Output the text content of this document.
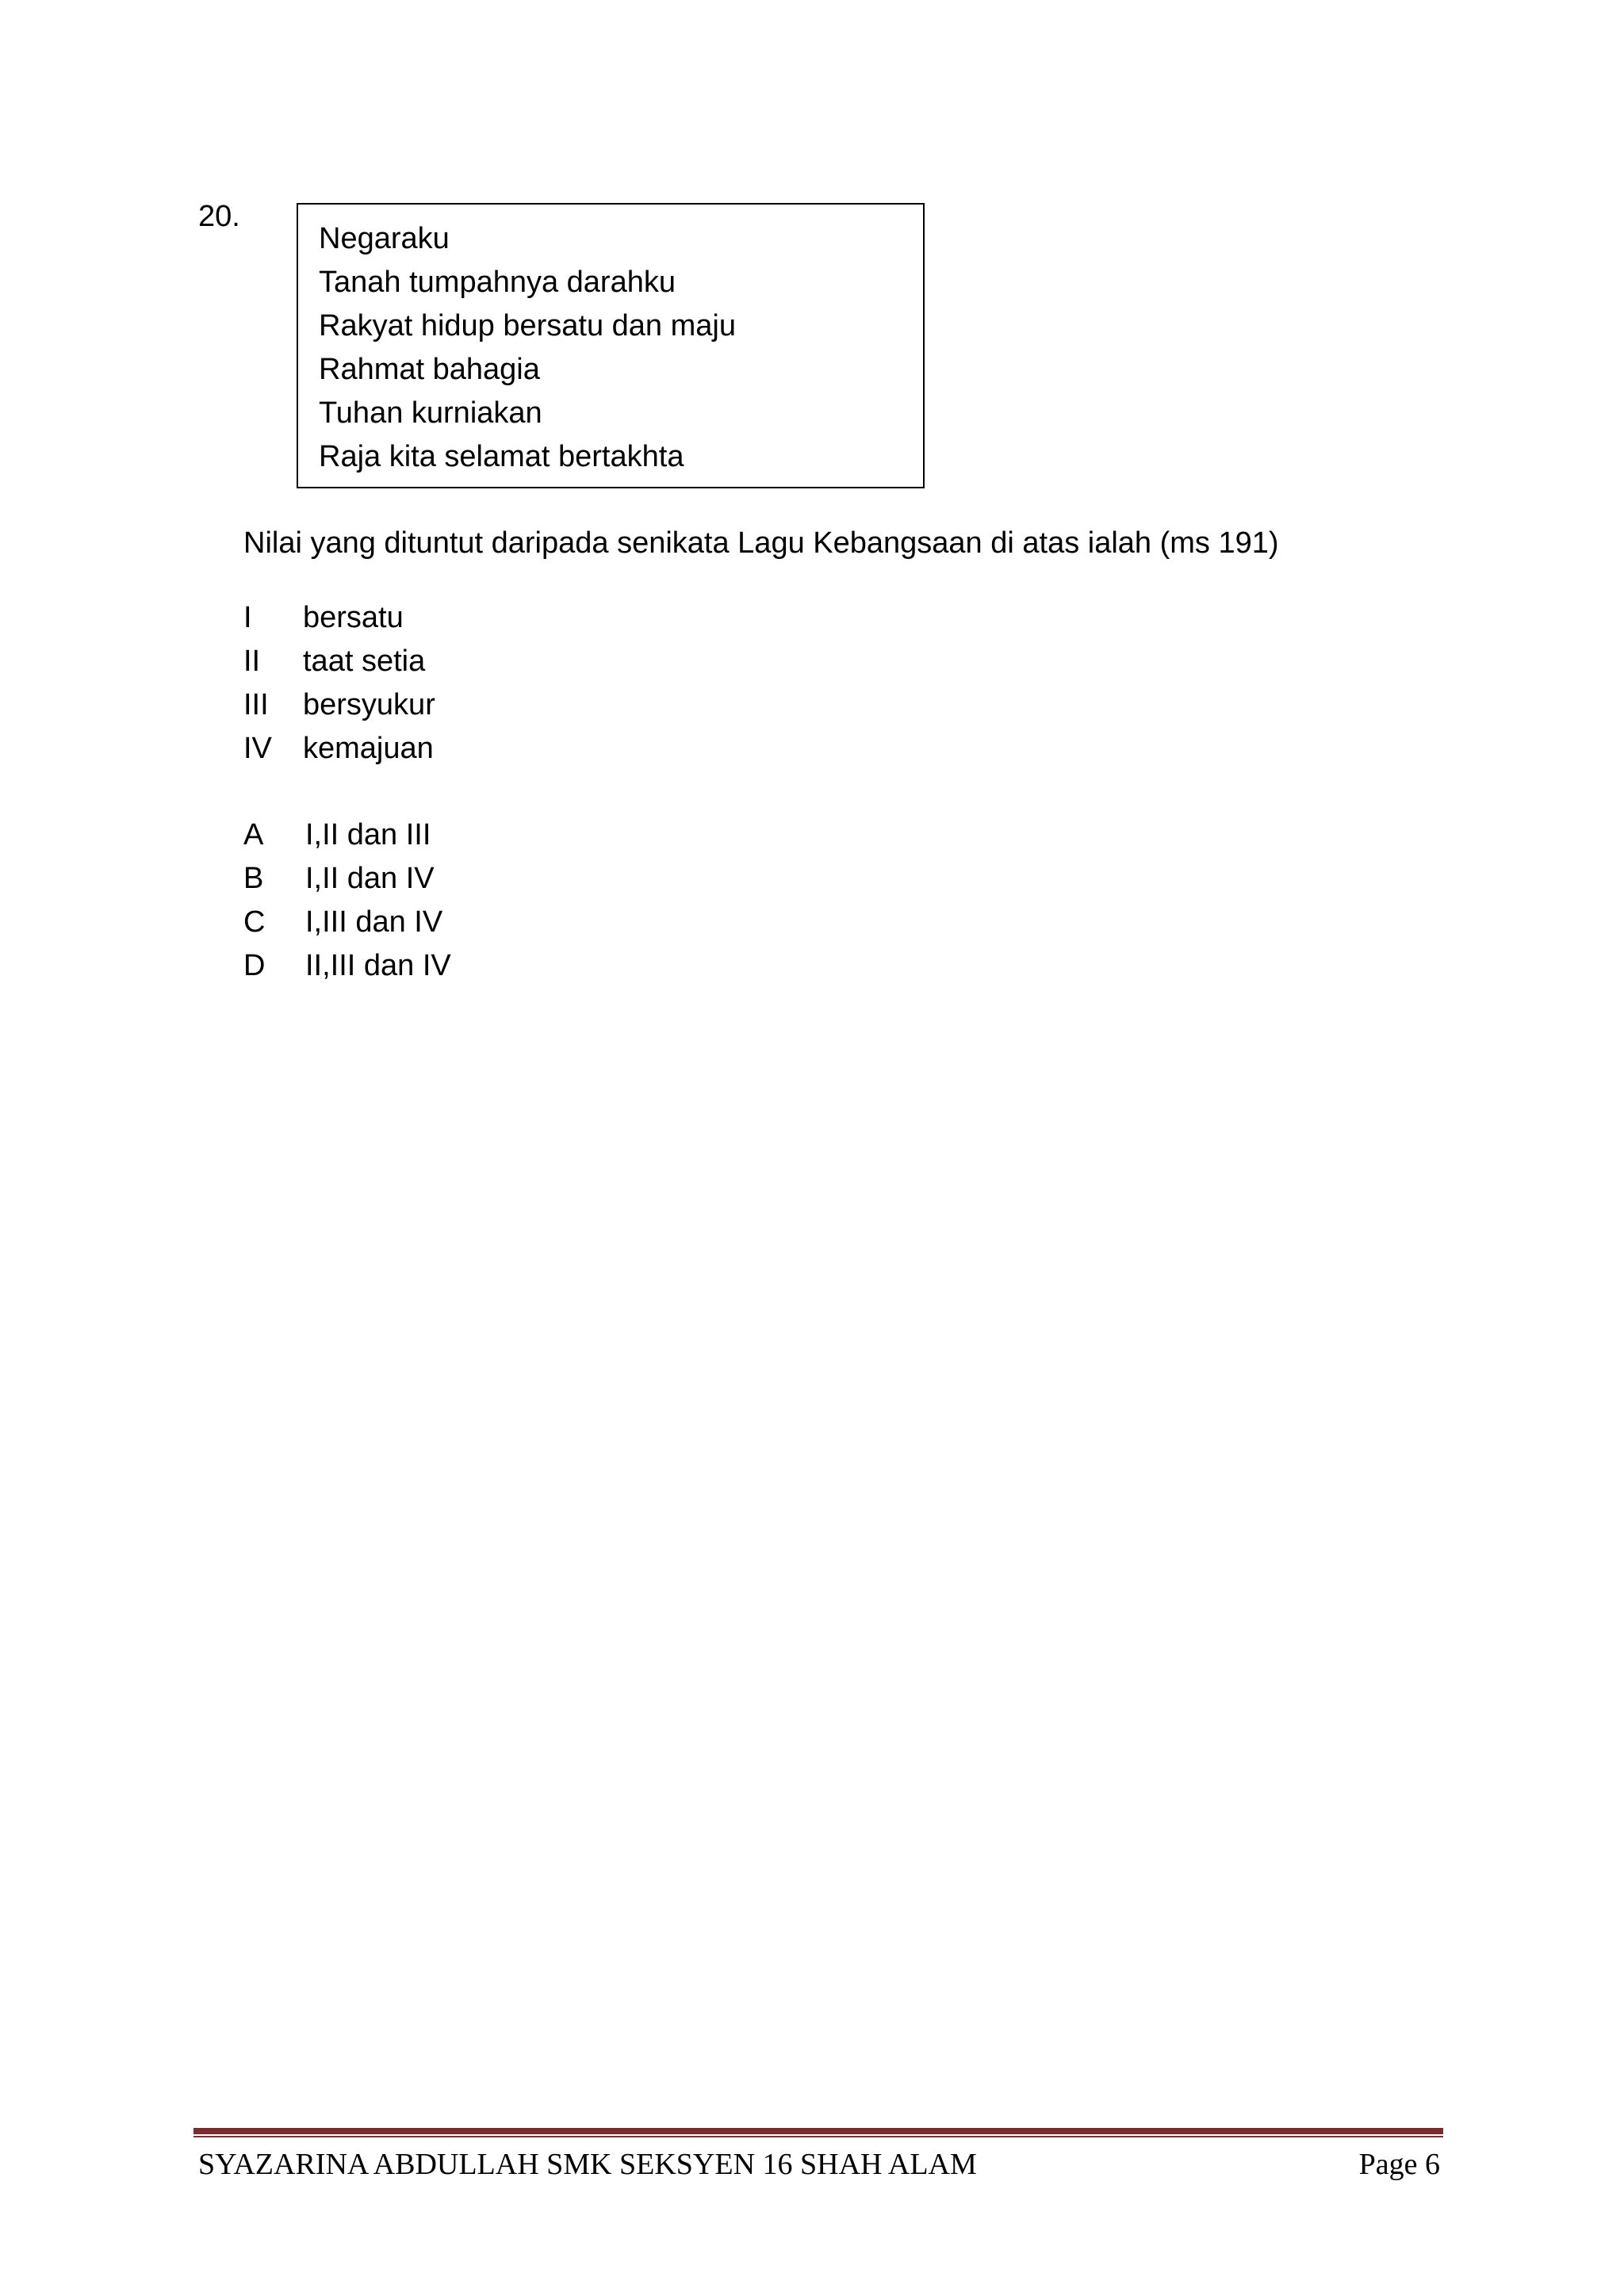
20.
Negaraku
Tanah tumpahnya darahku
Rakyat hidup bersatu dan maju
Rahmat bahagia
Tuhan kurniakan
Raja kita selamat bertakhta
Nilai yang dituntut daripada senikata Lagu Kebangsaan di atas ialah (ms 191)
I bersatu
II taat setia
III bersyukur
IV kemajuan
A I,II dan III
B I,II dan IV
C I,III dan IV
D II,III dan IV
SYAZARINA ABDULLAH SMK SEKSYEN 16 SHAH ALAM	Page 6
